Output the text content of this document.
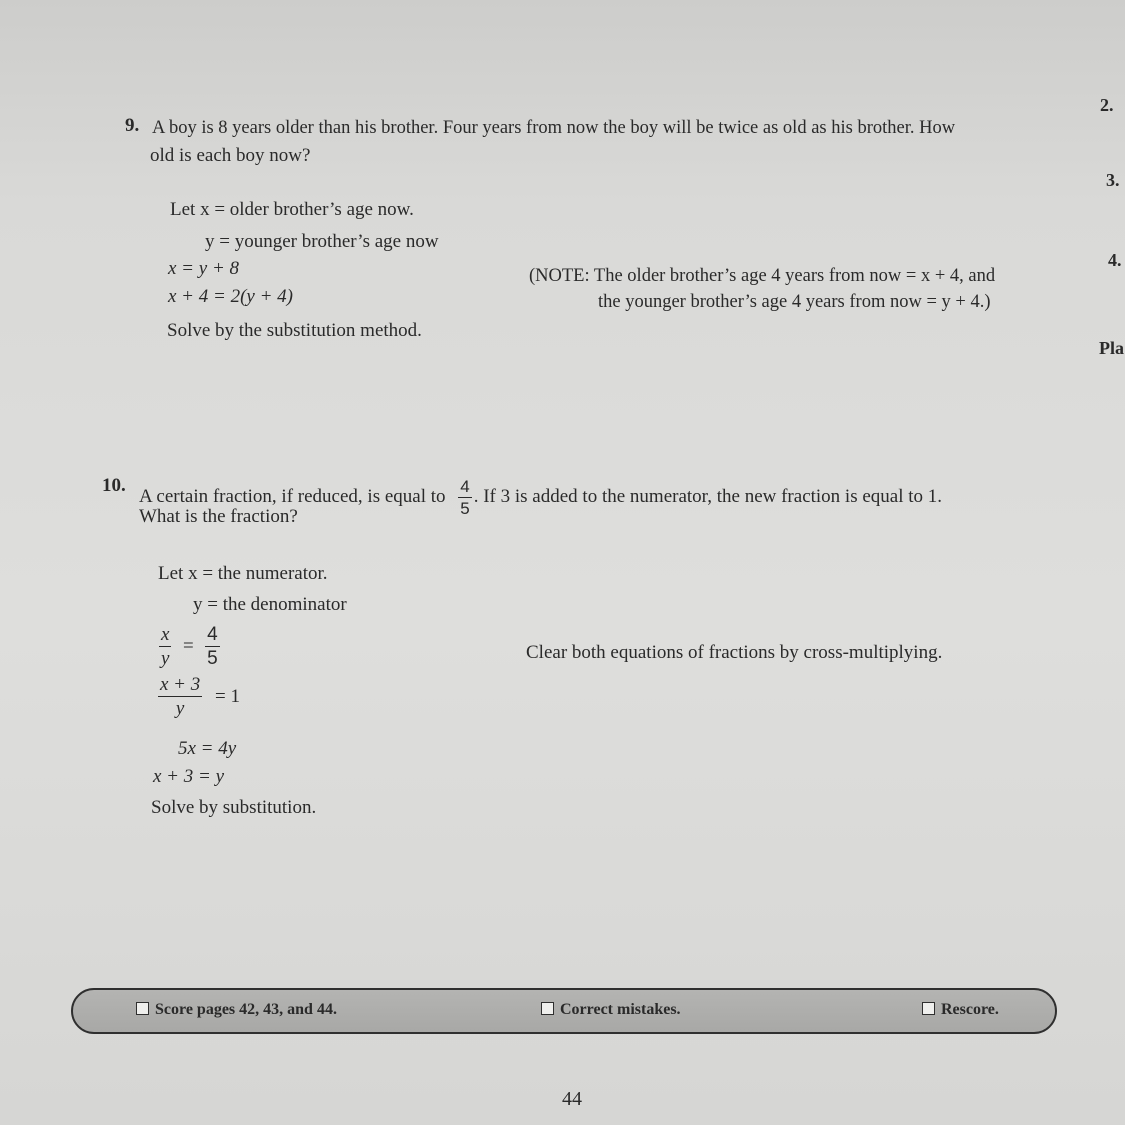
2.
3.
4.
Pla
9. A boy is 8 years older than his brother. Four years from now the boy will be twice as old as his brother. How
old is each boy now?
Let x = older brother’s age now.
y = younger brother’s age now
x = y + 8
x + 4 = 2(y + 4)
Solve by the substitution method.
(NOTE: The older brother’s age 4 years from now = x + 4, and
the younger brother’s age 4 years from now = y + 4.)
10.
A certain fraction, if reduced, is equal to $\frac{4}{5}$ . If 3 is added to the numerator, the new fraction is equal to 1.
What is the fraction?
Let x = the numerator.
y = the denominator
$\frac{x}{y} = \frac{4}{5}$
$\frac{x + 3}{y} = 1$
Clear both equations of fractions by cross-multiplying.
5x = 4y
x + 3 = y
Solve by substitution.
Score pages 42, 43, and 44.	Correct mistakes.	Rescore.
44
